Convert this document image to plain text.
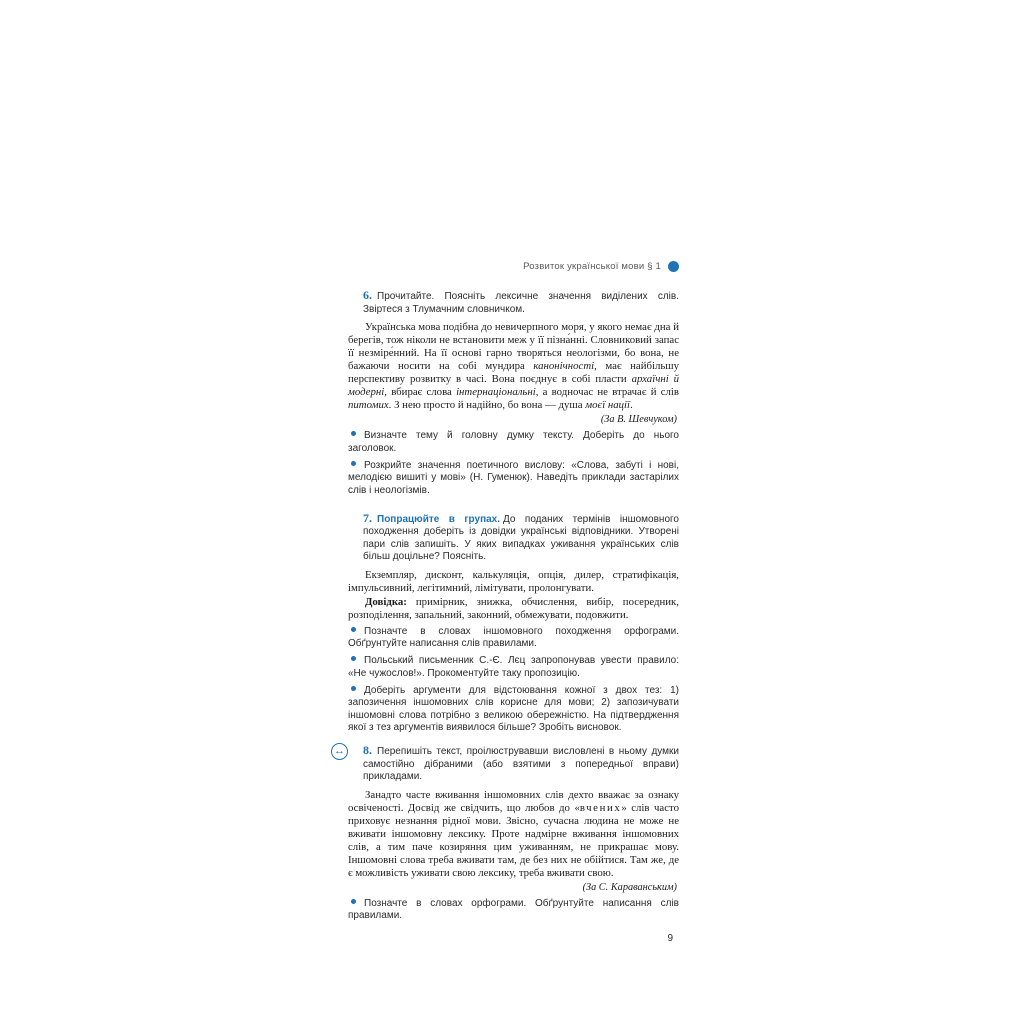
Розвиток української мови § 1

6. Прочитайте. Поясніть лексичне значення виділених слів. Звіртеся з Тлумачним словничком.

Українська мова подібна до невичерпного моря, у якого немає дна й берегів, тож ніколи не встановити меж у її пізна́нні. Словниковий запас її незміре́нний. На її основі гарно творяться неологізми, бо вона, не бажаючи носити на собі мундира канонічності, має найбільшу перспективу розвитку в часі. Вона поєднує в собі пласти архаїчні й модерні, вбирає слова інтернаціональні, а водночас не втрачає й слів питомих. З нею просто й надійно, бо вона — душа моєї нації.

(За В. Шевчуком)
Визначте тему й головну думку тексту. Доберіть до нього заголовок.
Розкрийте значення поетичного вислову: «Слова, забуті і нові, мелодією вишиті у мові» (Н. Гуменюк). Наведіть приклади застарілих слів і неологізмів.

7. Попрацюйте в групах. До поданих термінів іншомовного походження доберіть із довідки українські відповідники. Утворені пари слів запишіть. У яких випадках уживання українських слів більш доцільне? Поясніть.

Екземпляр, дисконт, калькуляція, опція, дилер, стратифікація, імпульсивний, легітимний, лімітувати, пролонгувати.

Довідка: примірник, знижка, обчислення, вибір, посередник, розподілення, запальний, законний, обмежувати, подовжити.

Позначте в словах іншомовного походження орфограми. Обґрунтуйте написання слів правилами.
Польський письменник С.-Є. Лєц запропонував увести правило: «Не чужослов!». Прокоментуйте таку пропозицію.
Доберіть аргументи для відстоювання кожної з двох тез: 1) запозичення іншомовних слів корисне для мови; 2) запозичувати іншомовні слова потрібно з великою обережністю. На підтвердження якої з тез аргументів виявилося більше? Зробіть висновок.
↔	8. Перепишіть текст, проілюструвавши висловлені в ньому думки самостійно дібраними (або взятими з попередньої вправи) прикладами.

Занадто часте вживання іншомовних слів дехто вважає за ознаку освіченості. Досвід же свідчить, що любов до «вчених» слів часто приховує незнання рідної мови. Звісно, сучасна людина не може не вживати іншомовну лексику. Проте надмірне вживання іншомовних слів, а тим паче козиряння цим уживанням, не прикрашає мову. Іншомовні слова треба вживати там, де без них не обійтися. Там же, де є можливість уживати свою лексику, треба вживати свою.

(За С. Караванським)
Позначте в словах орфограми. Обґрунтуйте написання слів правилами.
9
